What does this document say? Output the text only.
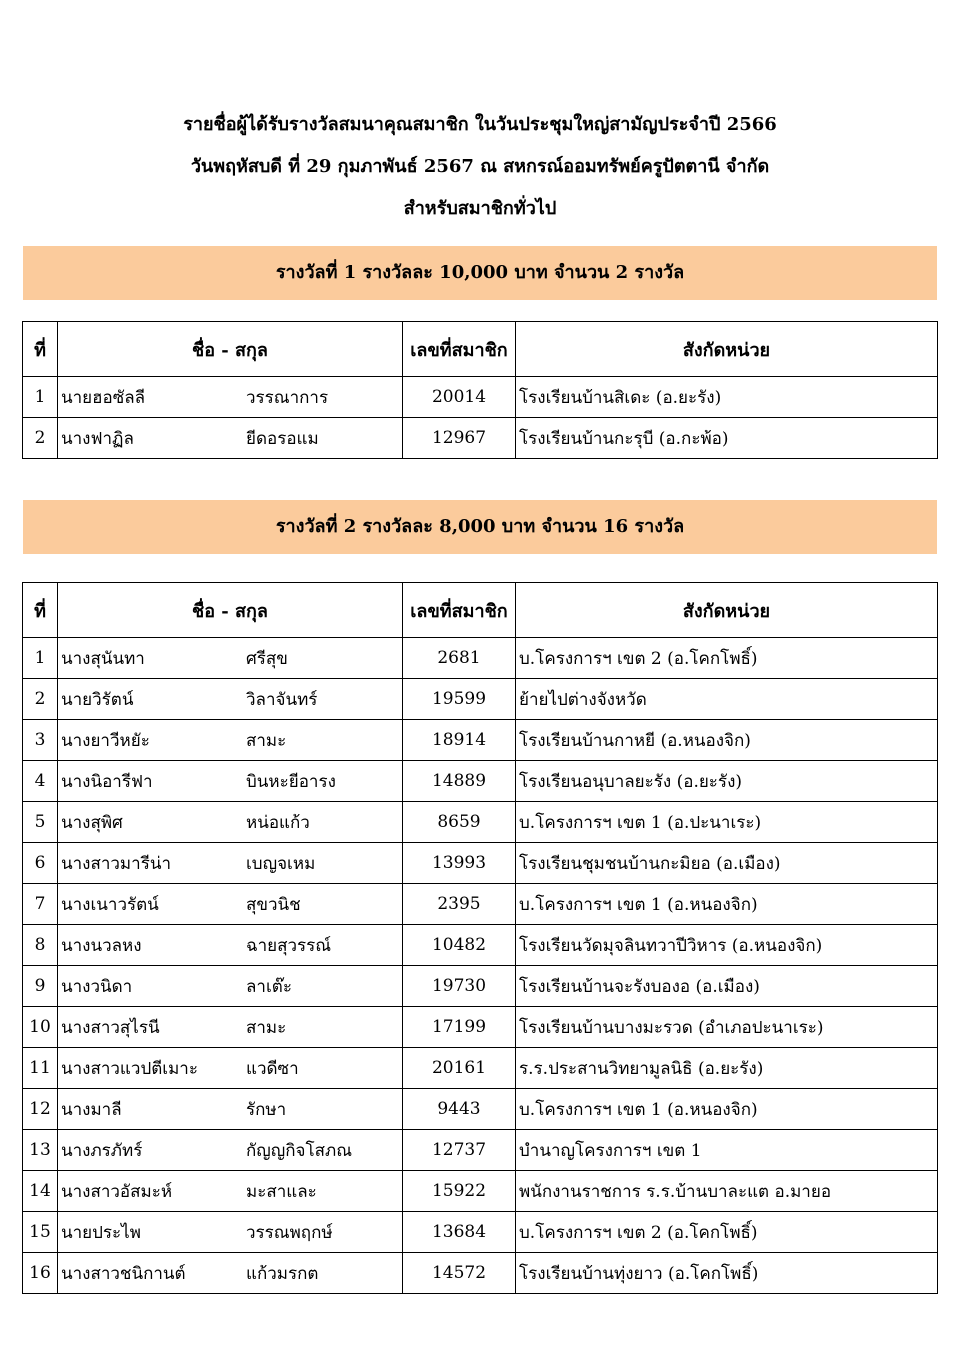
รายชื่อผู้ได้รับรางวัลสมนาคุณสมาชิก ในวันประชุมใหญ่สามัญประจำปี 2566
วันพฤหัสบดี ที่ 29 กุมภาพันธ์ 2567 ณ สหกรณ์ออมทรัพย์ครูปัตตานี จำกัด
สำหรับสมาชิกทั่วไป
รางวัลที่ 1 รางวัลละ 10,000 บาท จำนวน 2 รางวัล
ที่	ชื่อ - สกุล	เลขที่สมาชิก	สังกัดหน่วย
1	นายฮอซัลลี วรรณาการ	20014	โรงเรียนบ้านสิเดะ (อ.ยะรัง)
2	นางฟาฏิล ยีดอรอแม	12967	โรงเรียนบ้านกะรุบี (อ.กะพ้อ)
รางวัลที่ 2 รางวัลละ 8,000 บาท จำนวน 16 รางวัล
ที่	ชื่อ - สกุล	เลขที่สมาชิก	สังกัดหน่วย
1	นางสุนันทา ศรีสุข	2681	บ.โครงการฯ เขต 2 (อ.โคกโพธิ์)
2	นายวิรัตน์ วิลาจันทร์	19599	ย้ายไปต่างจังหวัด
3	นางยาวีหยัะ สามะ	18914	โรงเรียนบ้านกาหยี (อ.หนองจิก)
4	นางนิอารีฟา บินหะยีอารง	14889	โรงเรียนอนุบาลยะรัง (อ.ยะรัง)
5	นางสุพิศ หน่อแก้ว	8659	บ.โครงการฯ เขต 1 (อ.ปะนาเระ)
6	นางสาวมารีน่า เบญจเหม	13993	โรงเรียนชุมชนบ้านกะมิยอ (อ.เมือง)
7	นางเนาวรัตน์ สุขวนิช	2395	บ.โครงการฯ เขต 1 (อ.หนองจิก)
8	นางนวลหง ฉายสุวรรณ์	10482	โรงเรียนวัดมุจลินทวาปีวิหาร (อ.หนองจิก)
9	นางวนิดา ลาเต๊ะ	19730	โรงเรียนบ้านจะรังบองอ (อ.เมือง)
10	นางสาวสุไรนี สามะ	17199	โรงเรียนบ้านบางมะรวด (อำเภอปะนาเระ)
11	นางสาวแวปตีเมาะ แวดีซา	20161	ร.ร.ประสานวิทยามูลนิธิ (อ.ยะรัง)
12	นางมาลี รักษา	9443	บ.โครงการฯ เขต 1 (อ.หนองจิก)
13	นางภรภัทร์ กัญญกิจโสภณ	12737	บำนาญโครงการฯ เขต 1
14	นางสาวอัสมะห์ มะสาและ	15922	พนักงานราชการ ร.ร.บ้านบาละแต อ.มายอ
15	นายประไพ วรรณพฤกษ์	13684	บ.โครงการฯ เขต 2 (อ.โคกโพธิ์)
16	นางสาวชนิกานต์ แก้วมรกต	14572	โรงเรียนบ้านทุ่งยาว (อ.โคกโพธิ์)
